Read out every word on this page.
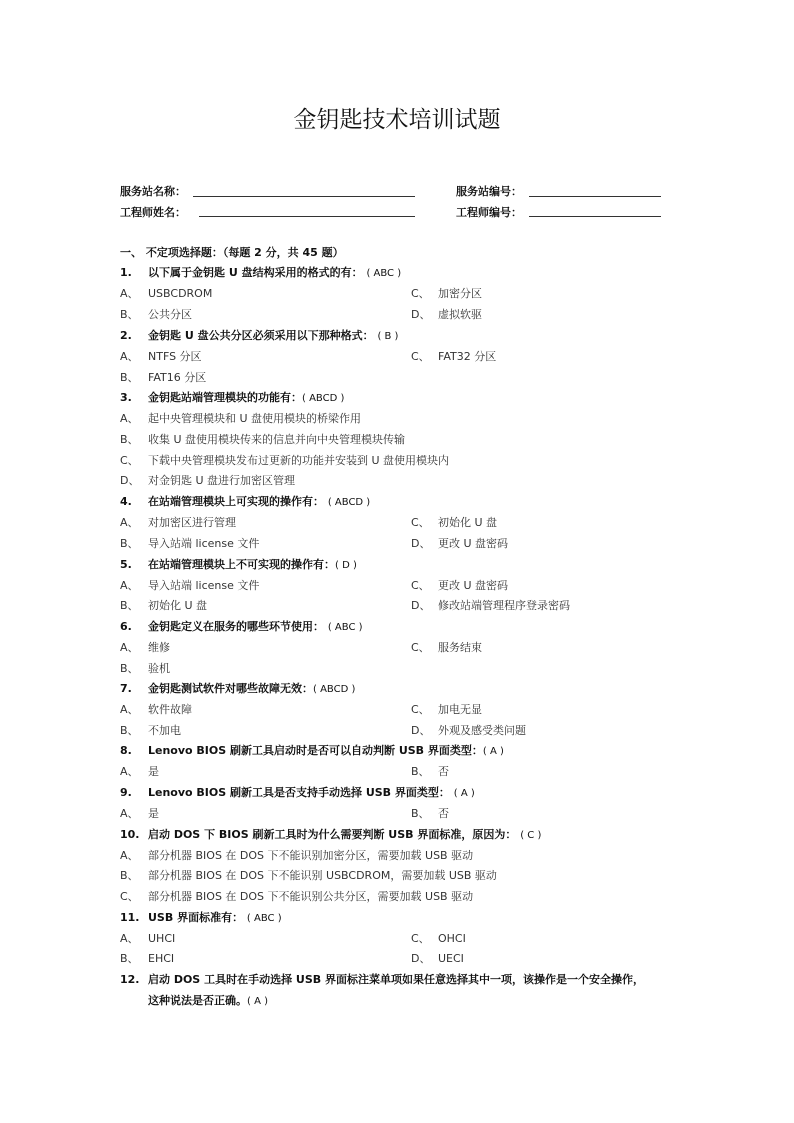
金钥匙技术培训试题
服务站名称：	服务站编号：
工程师姓名：	工程师编号：
一、 不定项选择题：（每题 2 分，共 45 题）
1.	以下属于金钥匙 U 盘结构采用的格式的有： ( ABC )
A、 USBCDROM	C、 加密分区
B、 公共分区	D、 虚拟软驱
2.	金钥匙 U 盘公共分区必须采用以下那种格式： ( B )
A、 NTFS 分区	C、 FAT32 分区
B、 FAT16 分区
3.	金钥匙站端管理模块的功能有：( ABCD )
A、 起中央管理模块和 U 盘使用模块的桥梁作用
B、 收集 U 盘使用模块传来的信息并向中央管理模块传输
C、 下载中央管理模块发布过更新的功能并安装到 U 盘使用模块内
D、 对金钥匙 U 盘进行加密区管理
4.	在站端管理模块上可实现的操作有： ( ABCD )
A、 对加密区进行管理	C、 初始化 U 盘
B、 导入站端 license 文件	D、 更改 U 盘密码
5.	在站端管理模块上不可实现的操作有：( D )
A、 导入站端 license 文件	C、 更改 U 盘密码
B、 初始化 U 盘	D、 修改站端管理程序登录密码
6.	金钥匙定义在服务的哪些环节使用： ( ABC )
A、 维修	C、 服务结束
B、 验机
7.	金钥匙测试软件对哪些故障无效：( ABCD )
A、 软件故障	C、 加电无显
B、 不加电	D、 外观及感受类问题
8.	Lenovo BIOS 刷新工具启动时是否可以自动判断 USB 界面类型：( A )
A、 是	B、 否
9.	Lenovo BIOS 刷新工具是否支持手动选择 USB 界面类型： ( A )
A、 是	B、 否
10. 启动 DOS 下 BIOS 刷新工具时为什么需要判断 USB 界面标准，原因为： ( C )
A、 部分机器 BIOS 在 DOS 下不能识别加密分区，需要加载 USB 驱动
B、 部分机器 BIOS 在 DOS 下不能识别 USBCDROM，需要加载 USB 驱动
C、 部分机器 BIOS 在 DOS 下不能识别公共分区，需要加载 USB 驱动
11. USB 界面标准有： ( ABC )
A、 UHCI	C、 OHCI
B、 EHCI	D、 UECI
12. 启动 DOS 工具时在手动选择 USB 界面标注菜单项如果任意选择其中一项，该操作是一个安全操作，
这种说法是否正确。( A )
